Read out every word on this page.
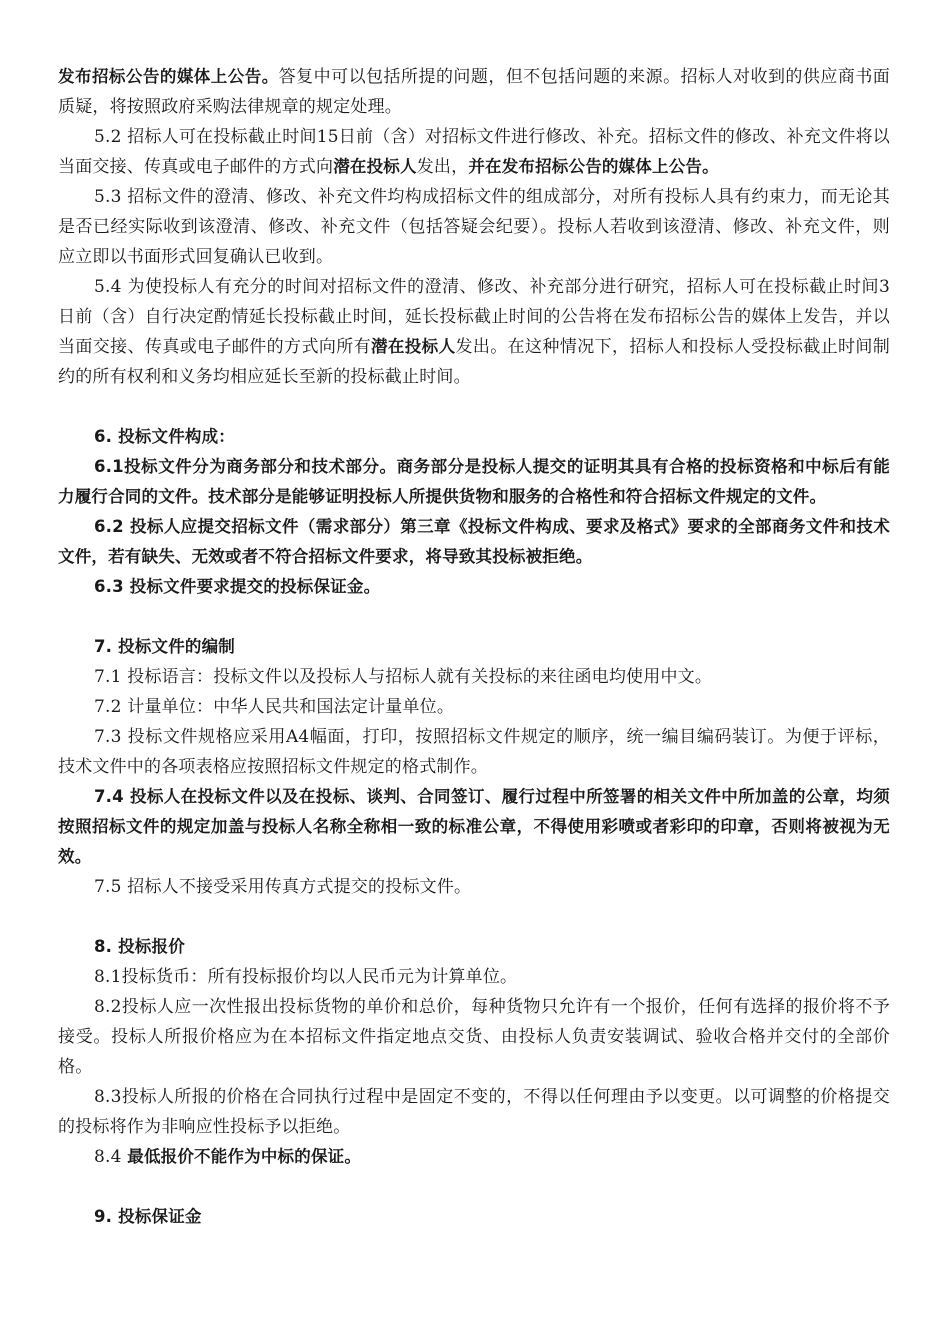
发布招标公告的媒体上公告。答复中可以包括所提的问题，但不包括问题的来源。招标人对收到的供应商书面质疑，将按照政府采购法律规章的规定处理。

5.2 招标人可在投标截止时间15日前（含）对招标文件进行修改、补充。招标文件的修改、补充文件将以当面交接、传真或电子邮件的方式向潜在投标人发出，并在发布招标公告的媒体上公告。

5.3 招标文件的澄清、修改、补充文件均构成招标文件的组成部分，对所有投标人具有约束力，而无论其是否已经实际收到该澄清、修改、补充文件（包括答疑会纪要）。投标人若收到该澄清、修改、补充文件，则应立即以书面形式回复确认已收到。

5.4 为使投标人有充分的时间对招标文件的澄清、修改、补充部分进行研究，招标人可在投标截止时间3日前（含）自行决定酌情延长投标截止时间，延长投标截止时间的公告将在发布招标公告的媒体上发告，并以当面交接、传真或电子邮件的方式向所有潜在投标人发出。在这种情况下，招标人和投标人受投标截止时间制约的所有权利和义务均相应延长至新的投标截止时间。

6. 投标文件构成：

6.1投标文件分为商务部分和技术部分。商务部分是投标人提交的证明其具有合格的投标资格和中标后有能力履行合同的文件。技术部分是能够证明投标人所提供货物和服务的合格性和符合招标文件规定的文件。

6.2 投标人应提交招标文件（需求部分）第三章《投标文件构成、要求及格式》要求的全部商务文件和技术文件，若有缺失、无效或者不符合招标文件要求，将导致其投标被拒绝。

6.3 投标文件要求提交的投标保证金。

7. 投标文件的编制

7.1 投标语言：投标文件以及投标人与招标人就有关投标的来往函电均使用中文。

7.2 计量单位：中华人民共和国法定计量单位。

7.3 投标文件规格应采用A4幅面，打印，按照招标文件规定的顺序，统一编目编码装订。为便于评标，技术文件中的各项表格应按照招标文件规定的格式制作。

7.4 投标人在投标文件以及在投标、谈判、合同签订、履行过程中所签署的相关文件中所加盖的公章，均须按照招标文件的规定加盖与投标人名称全称相一致的标准公章，不得使用彩喷或者彩印的印章，否则将被视为无效。

7.5 招标人不接受采用传真方式提交的投标文件。

8. 投标报价

8.1投标货币：所有投标报价均以人民币元为计算单位。

8.2投标人应一次性报出投标货物的单价和总价，每种货物只允许有一个报价，任何有选择的报价将不予接受。投标人所报价格应为在本招标文件指定地点交货、由投标人负责安装调试、验收合格并交付的全部价格。

8.3投标人所报的价格在合同执行过程中是固定不变的，不得以任何理由予以变更。以可调整的价格提交的投标将作为非响应性投标予以拒绝。

8.4 最低报价不能作为中标的保证。

9. 投标保证金
